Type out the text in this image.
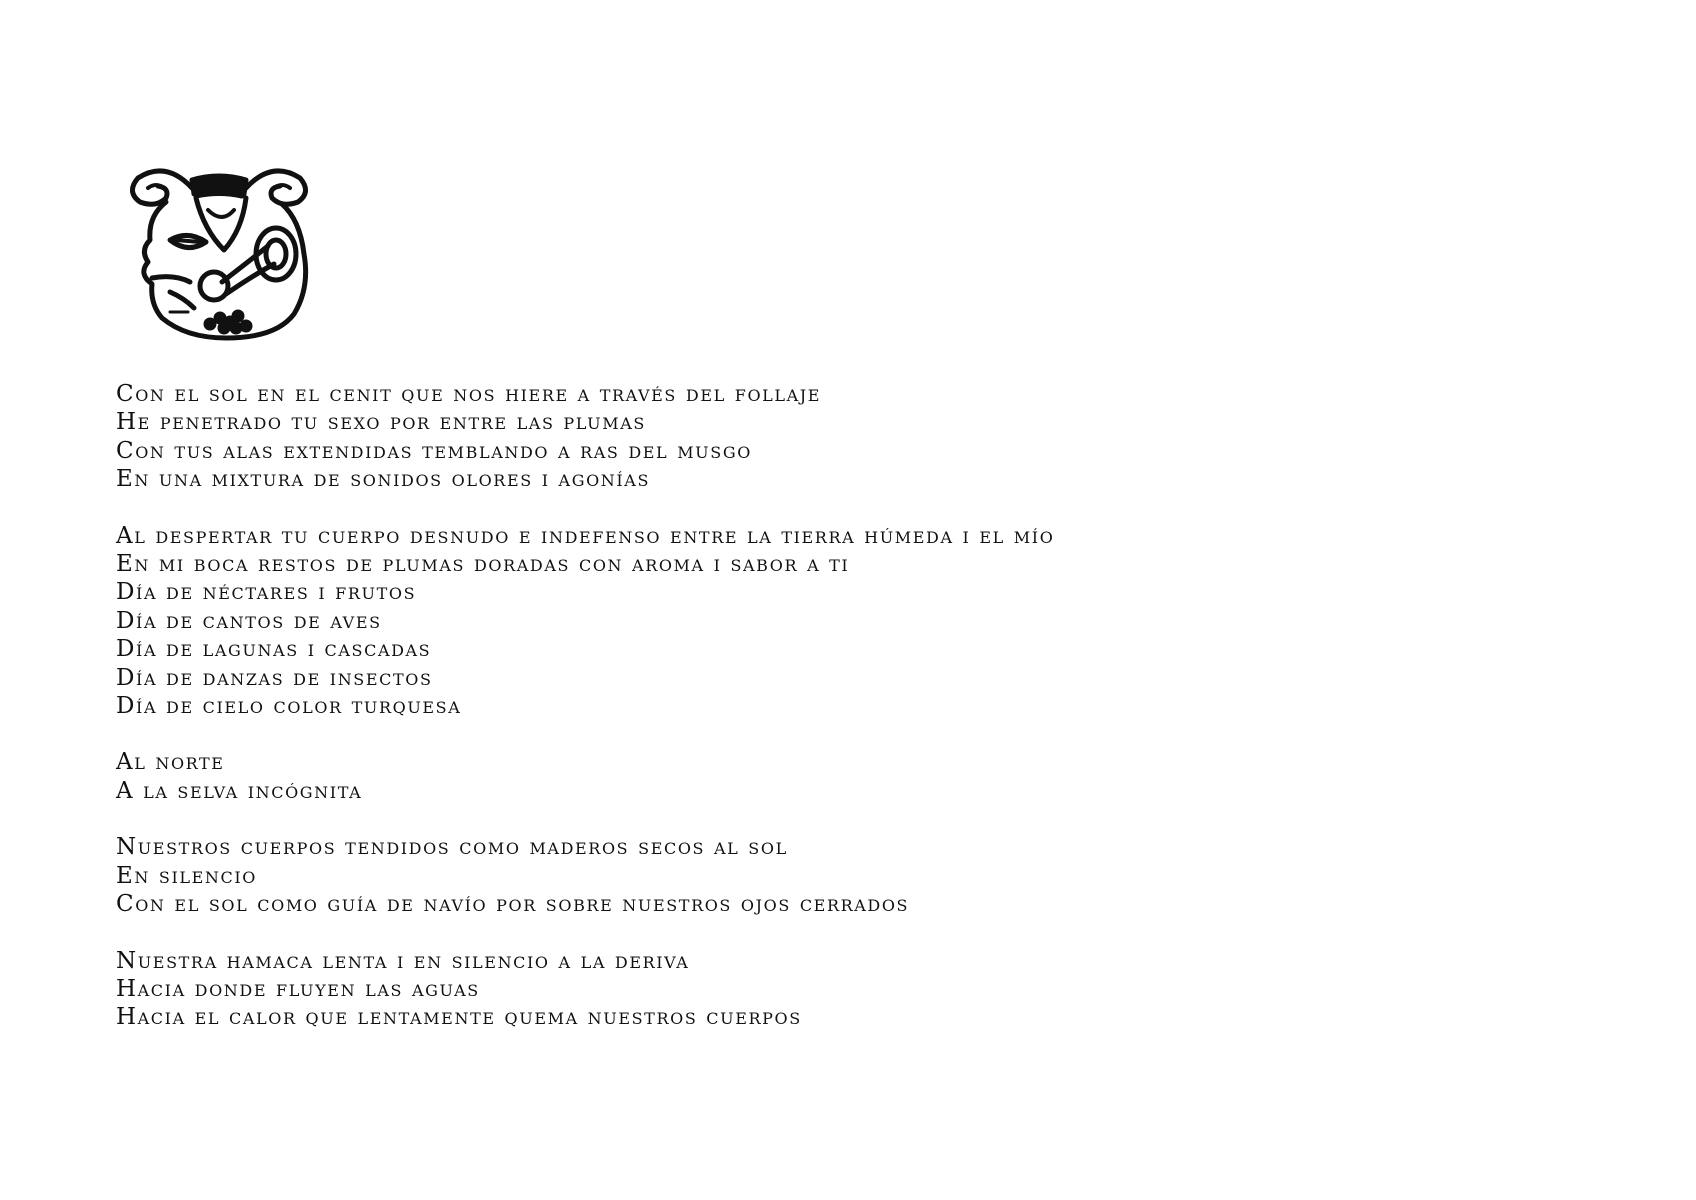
Con el sol en el cenit que nos hiere a través del follaje
He penetrado tu sexo por entre las plumas
Con tus alas extendidas temblando a ras del musgo
En una mixtura de sonidos olores i agonías
Al despertar tu cuerpo desnudo e indefenso entre la tierra húmeda i el mío
En mi boca restos de plumas doradas con aroma i sabor a ti
Día de néctares i frutos
Día de cantos de aves
Día de lagunas i cascadas
Día de danzas de insectos
Día de cielo color turquesa
Al norte
A la selva incógnita
Nuestros cuerpos tendidos como maderos secos al sol
En silencio
Con el sol como guía de navío por sobre nuestros ojos cerrados
Nuestra hamaca lenta i en silencio a la deriva
Hacia donde fluyen las aguas
Hacia el calor que lentamente quema nuestros cuerpos
